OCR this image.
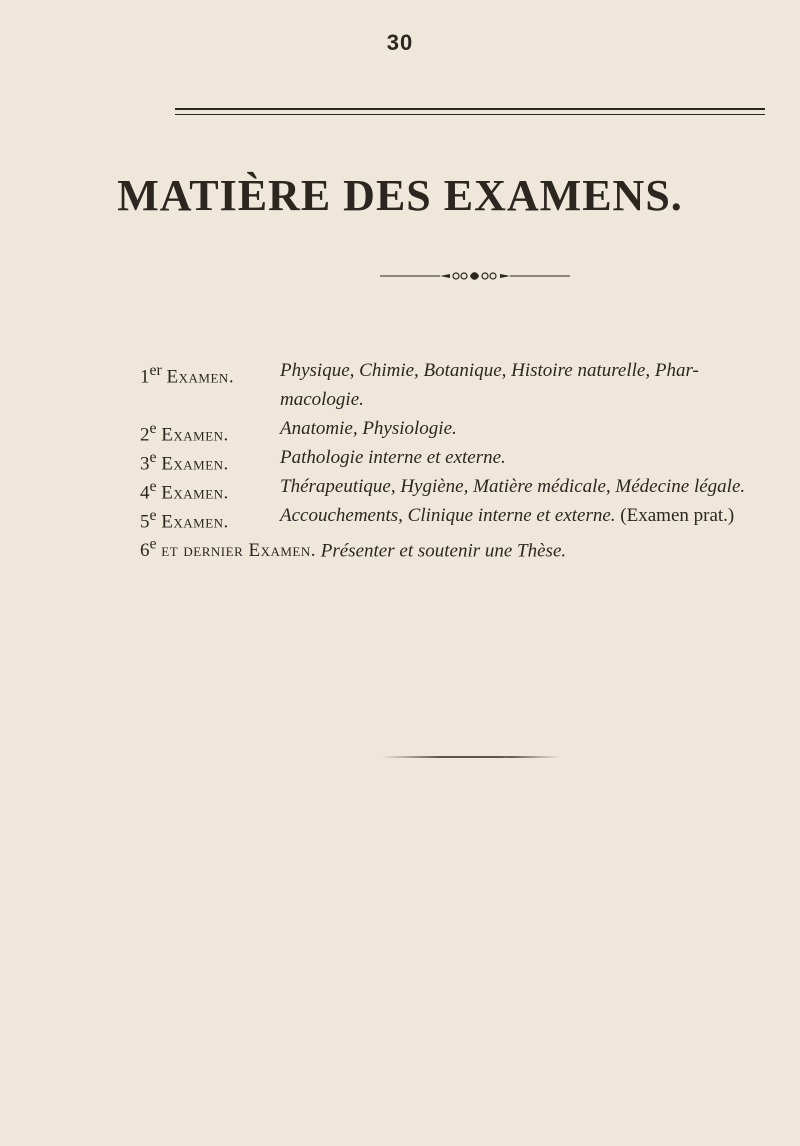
30
MATIÈRE DES EXAMENS.
1er Examen. Physique, Chimie, Botanique, Histoire naturelle, Phar-
macologie.
2e Examen.	Anatomie, Physiologie.
3e Examen.	Pathologie interne et externe.
4e Examen.	Thérapeutique, Hygiène, Matière médicale, Médecine légale.
5e Examen.	Accouchements, Clinique interne et externe. (Examen prat.)
6e et dernier Examen. Présenter et soutenir une Thèse.
